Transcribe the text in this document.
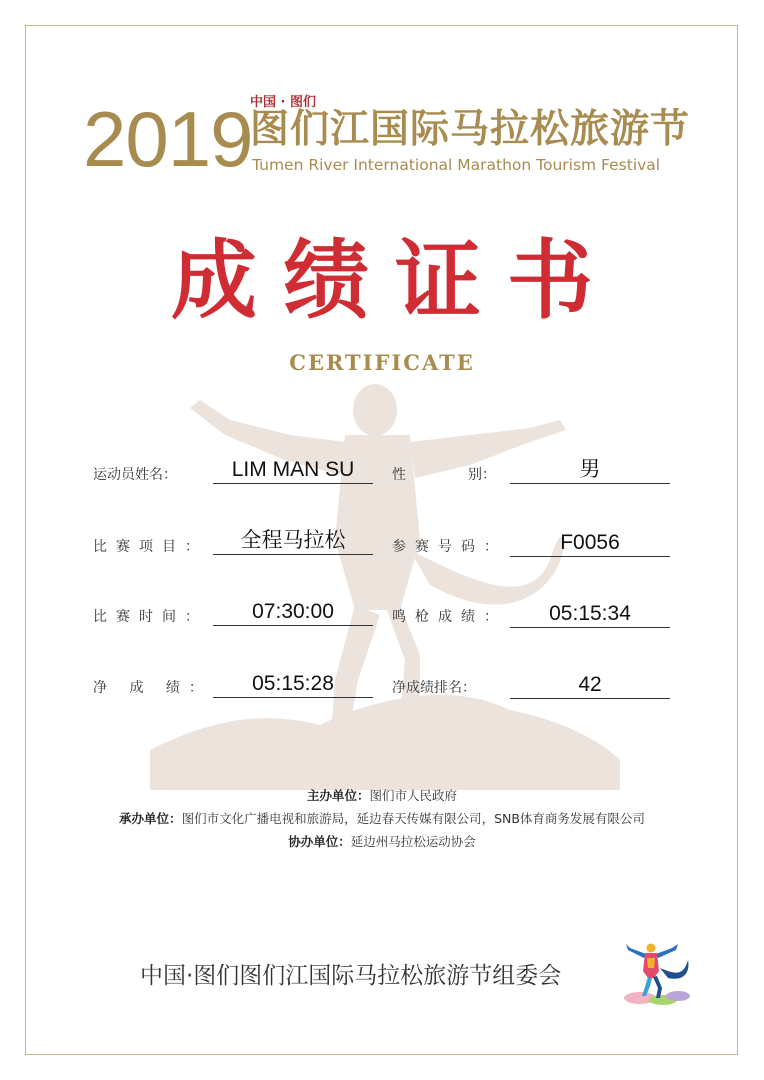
2019
中国 · 图们
图们江国际马拉松旅游节
Tumen River International Marathon Tourism Festival
成绩证书
CERTIFICATE
运动员姓名：	LIM MAN SU	性	别：	男
比赛项目：	全程马拉松	参赛号码：	F0056
比赛时间：	07:30:00	鸣枪成绩：	05:15:34
净 成 绩：	05:15:28	净成绩排名：	42
主办单位：图们市人民政府
承办单位：图们市文化广播电视和旅游局，延边春天传媒有限公司，SNB体育商务发展有限公司
协办单位：延边州马拉松运动协会
中国·图们图们江国际马拉松旅游节组委会
